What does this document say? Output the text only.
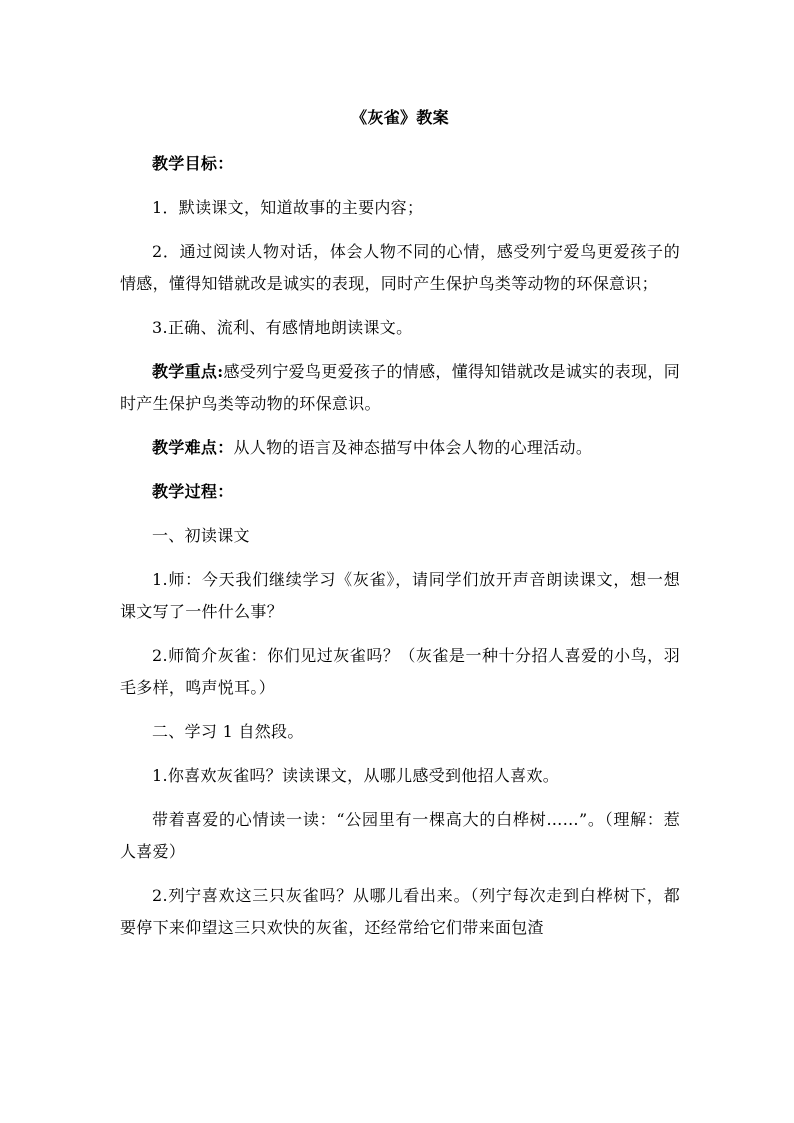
《灰雀》教案

教学目标：

1．默读课文，知道故事的主要内容；

2．通过阅读人物对话，体会人物不同的心情，感受列宁爱鸟更爱孩子的情感，懂得知错就改是诚实的表现，同时产生保护鸟类等动物的环保意识；

3.正确、流利、有感情地朗读课文。

教学重点:感受列宁爱鸟更爱孩子的情感，懂得知错就改是诚实的表现，同时产生保护鸟类等动物的环保意识。

教学难点：从人物的语言及神态描写中体会人物的心理活动。

教学过程：

一、初读课文

1.师：今天我们继续学习《灰雀》，请同学们放开声音朗读课文，想一想课文写了一件什么事？

2.师简介灰雀：你们见过灰雀吗？（灰雀是一种十分招人喜爱的小鸟，羽毛多样，鸣声悦耳。）

二、学习 1 自然段。

1.你喜欢灰雀吗？读读课文，从哪儿感受到他招人喜欢。

带着喜爱的心情读一读：“公园里有一棵高大的白桦树……”。（理解：惹人喜爱）

2.列宁喜欢这三只灰雀吗？从哪儿看出来。（列宁每次走到白桦树下，都要停下来仰望这三只欢快的灰雀，还经常给它们带来面包渣
